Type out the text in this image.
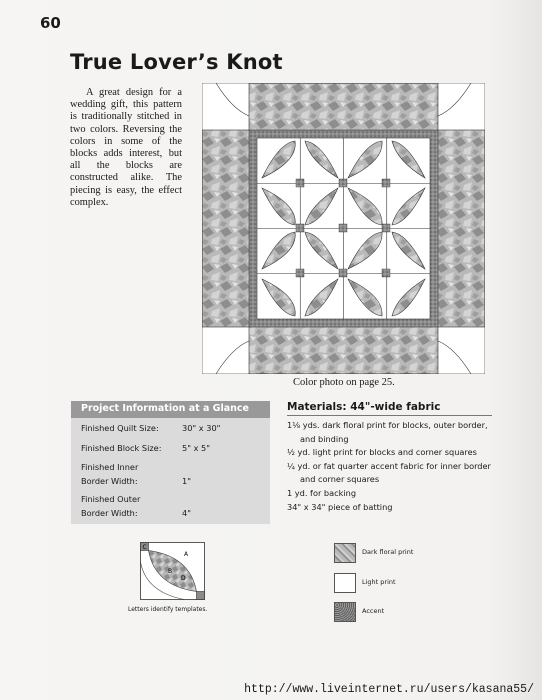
60
True Lover’s Knot
A great design for a wedding gift, this pattern is traditionally stitched in two colors. Reversing the colors in some of the blocks adds interest, but all the blocks are constructed alike. The piecing is easy, the effect complex.
Color photo on page 25.
Project Information at a Glance
Finished Quilt Size:	30" x 30"
Finished Block Size:	5" x 5"
Finished Inner
Border Width:	1"
Finished Outer
Border Width:	4"
Materials: 44"-wide fabric
1⅛ yds. dark floral print for blocks, outer border, and binding
½ yd. light print for blocks and corner squares
¼ yd. or fat quarter accent fabric for inner border and corner squares
1 yd. for backing
34" x 34" piece of batting
C
A
B
D
Letters identify templates.
Dark floral print
Light print
Accent
http://www.liveinternet.ru/users/kasana55/
